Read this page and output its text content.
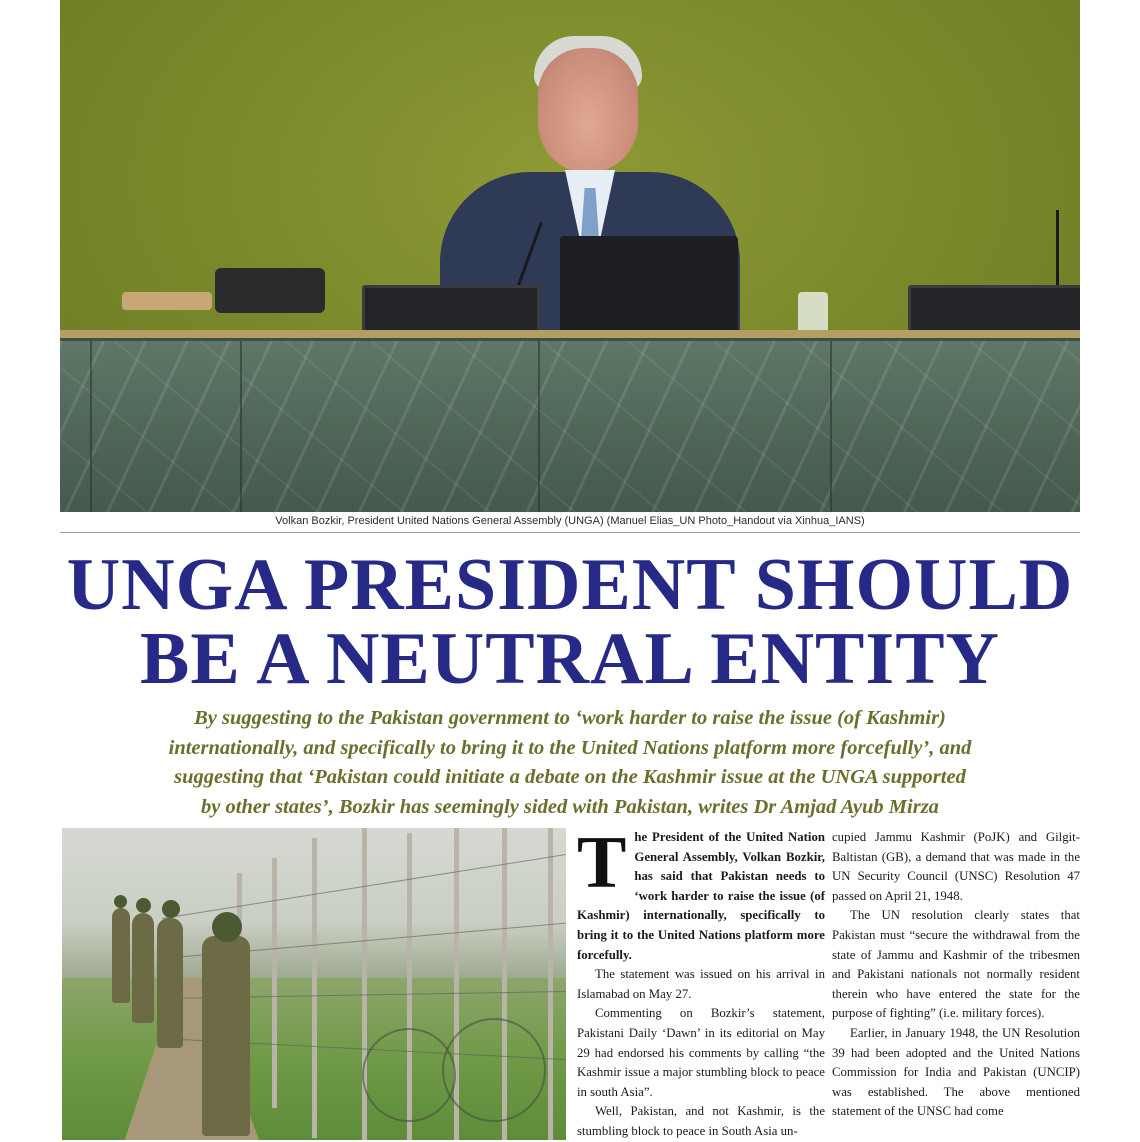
Volkan Bozkir, President United Nations General Assembly (UNGA) (Manuel Elias_UN Photo_Handout via Xinhua_IANS)
UNGA PRESIDENT SHOULD
BE A NEUTRAL ENTITY

By suggesting to the Pakistan government to ‘work harder to raise the issue (of Kashmir)
internationally, and specifically to bring it to the United Nations platform more forcefully’, and
suggesting that ‘Pakistan could initiate a debate on the Kashmir issue at the UNGA supported
by other states’, Bozkir has seemingly sided with Pakistan, writes Dr Amjad Ayub Mirza

T he President of the United Nation General Assembly, Volkan Bozkir, has said that Pakistan needs to ‘work harder to raise the issue (of Kashmir) internationally, specifically to bring it to the United Nations platform more forcefully.

The statement was issued on his arrival in Islamabad on May 27.

Commenting on Bozkir’s statement, Pakistani Daily ‘Dawn’ in its editorial on May 29 had endorsed his comments by calling “the Kashmir issue a major stumbling block to peace in south Asia”.

Well, Pakistan, and not Kashmir, is the stumbling block to peace in South Asia un-

cupied Jammu Kashmir (PoJK) and Gilgit-Baltistan (GB), a demand that was made in the UN Security Council (UNSC) Resolution 47 passed on April 21, 1948.

The UN resolution clearly states that Pakistan must “secure the withdrawal from the state of Jammu and Kashmir of the tribesmen and Pakistani nationals not normally resident therein who have entered the state for the purpose of fighting” (i.e. military forces).

Earlier, in January 1948, the UN Resolution 39 had been adopted and the United Nations Commission for India and Pakistan (UNCIP) was established. The above mentioned statement of the UNSC had come
